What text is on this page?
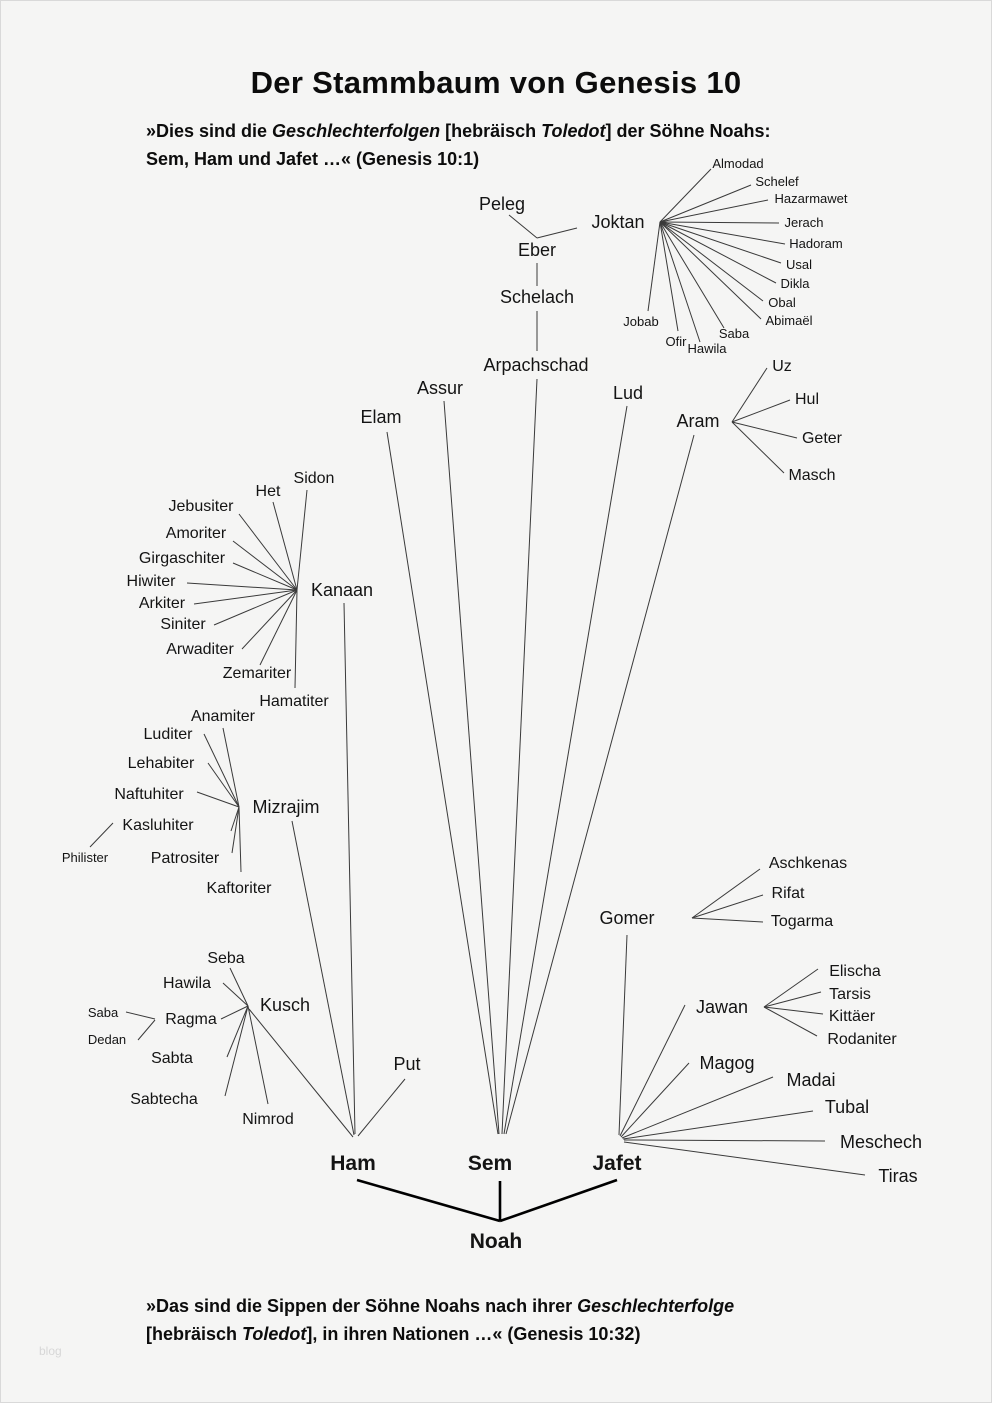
Der Stammbaum von Genesis 10
»Dies sind die Geschlechterfolgen [hebräisch Toledot] der Söhne Noahs:
Sem, Ham und Jafet …« (Genesis 10:1)
Peleg
Joktan
Eber
Schelach
Arpachschad
Assur
Elam
Lud
Aram
Almodad
Schelef
Hazarmawet
Jerach
Hadoram
Usal
Dikla
Obal
Abimaël
Saba
Ofir Hawila
Jobab
Uz
Hul
Geter
Masch
Kanaan
Sidon
Het
Jebusiter
Amoriter
Girgaschiter
Hiwiter
Arkiter
Siniter
Arwaditer
Zemariter
Hamatiter
Mizrajim
Anamiter
Luditer
Lehabiter
Naftuhiter
Kasluhiter
Philister	Patrositer
Kaftoriter
Kusch
Seba
Hawila
Ragma
Saba
Dedan
Sabta
Sabtecha
Nimrod
Put
Gomer
Aschkenas
Rifat
Togarma
Jawan
Elischa
Tarsis
Kittäer
Rodaniter
Magog
Madai
Tubal
Meschech
Tiras
Ham	Sem	Jafet
Noah
»Das sind die Sippen der Söhne Noahs nach ihrer Geschlechterfolge
[hebräisch Toledot], in ihren Nationen …« (Genesis 10:32)
blog
